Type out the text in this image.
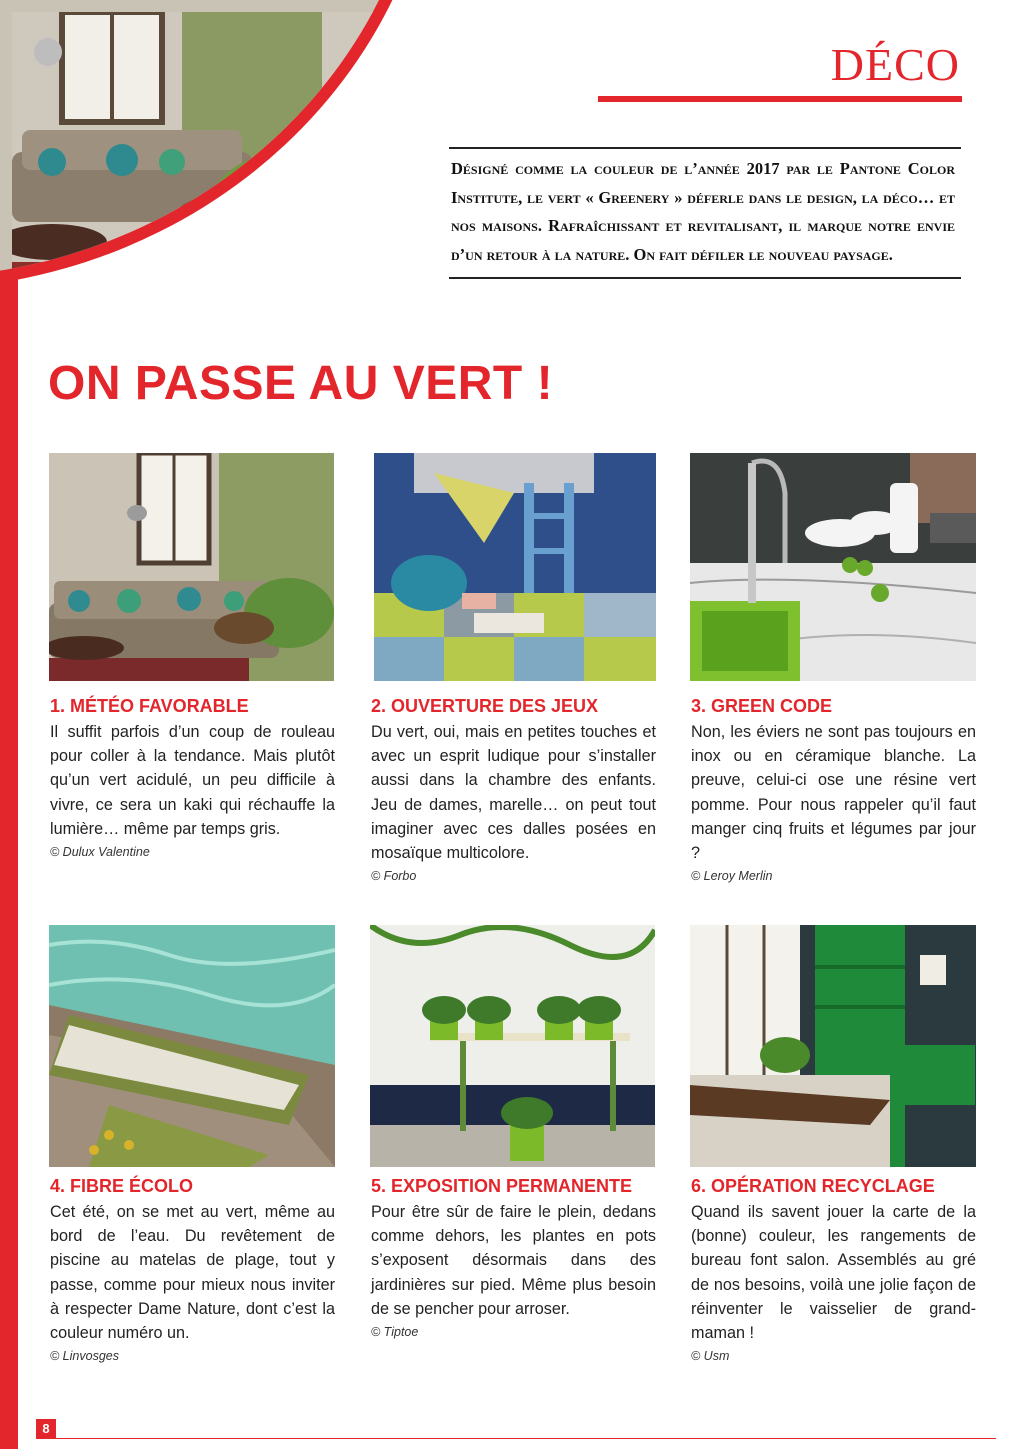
DÉCO
Désigné comme la couleur de l’année 2017 par le Pantone Color Institute, le vert « Greenery » déferle dans le design, la déco… et nos maisons. Rafraîchissant et revitalisant, il marque notre envie d’un retour à la nature. On fait défiler le nouveau paysage.
ON PASSE AU VERT !
1. MÉTÉO FAVORABLE

Il suffit parfois d’un coup de rouleau pour coller à la tendance. Mais plutôt qu’un vert acidulé, un peu difficile à vivre, ce sera un kaki qui réchauffe la lumière… même par temps gris.

© Dulux Valentine
2. OUVERTURE DES JEUX

Du vert, oui, mais en petites touches et avec un esprit ludique pour s’installer aussi dans la chambre des enfants. Jeu de dames, marelle… on peut tout imaginer avec ces dalles posées en mosaïque multicolore.

© Forbo
3. GREEN CODE

Non, les éviers ne sont pas toujours en inox ou en céramique blanche. La preuve, celui-ci ose une résine vert pomme. Pour nous rappeler qu’il faut manger cinq fruits et légumes par jour ?

© Leroy Merlin
4. FIBRE ÉCOLO

Cet été, on se met au vert, même au bord de l’eau. Du revêtement de piscine au matelas de plage, tout y passe, comme pour mieux nous inviter à respecter Dame Nature, dont c’est la couleur numéro un.

© Linvosges
5. EXPOSITION PERMANENTE

Pour être sûr de faire le plein, dedans comme dehors, les plantes en pots s’exposent désormais dans des jardinières sur pied. Même plus besoin de se pencher pour arroser.

© Tiptoe
6. OPÉRATION RECYCLAGE

Quand ils savent jouer la carte de la (bonne) couleur, les rangements de bureau font salon. Assemblés au gré de nos besoins, voilà une jolie façon de réinventer le vaisselier de grand-maman !

© Usm
8
